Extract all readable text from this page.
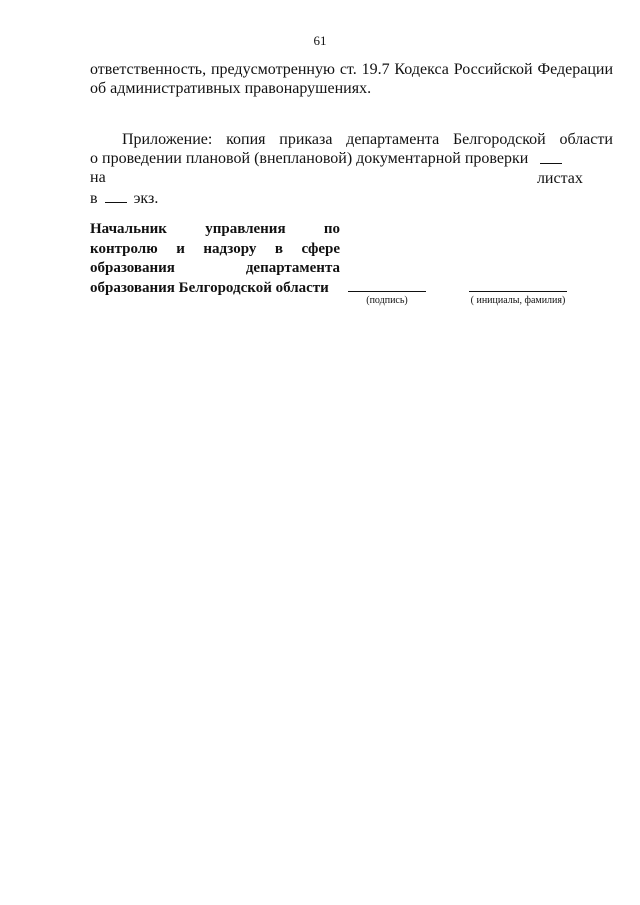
61
ответственность, предусмотренную ст. 19.7 Кодекса Российской Федерации
об административных правонарушениях.
Приложение: копия приказа департамента Белгородской области
о проведении плановой (внеплановой) документарной проверки на	листах
в экз.
Начальник	управления	по
контролю и надзору в сфере
образования	департамента
образования Белгородской области
(подпись)	( инициалы, фамилия)
